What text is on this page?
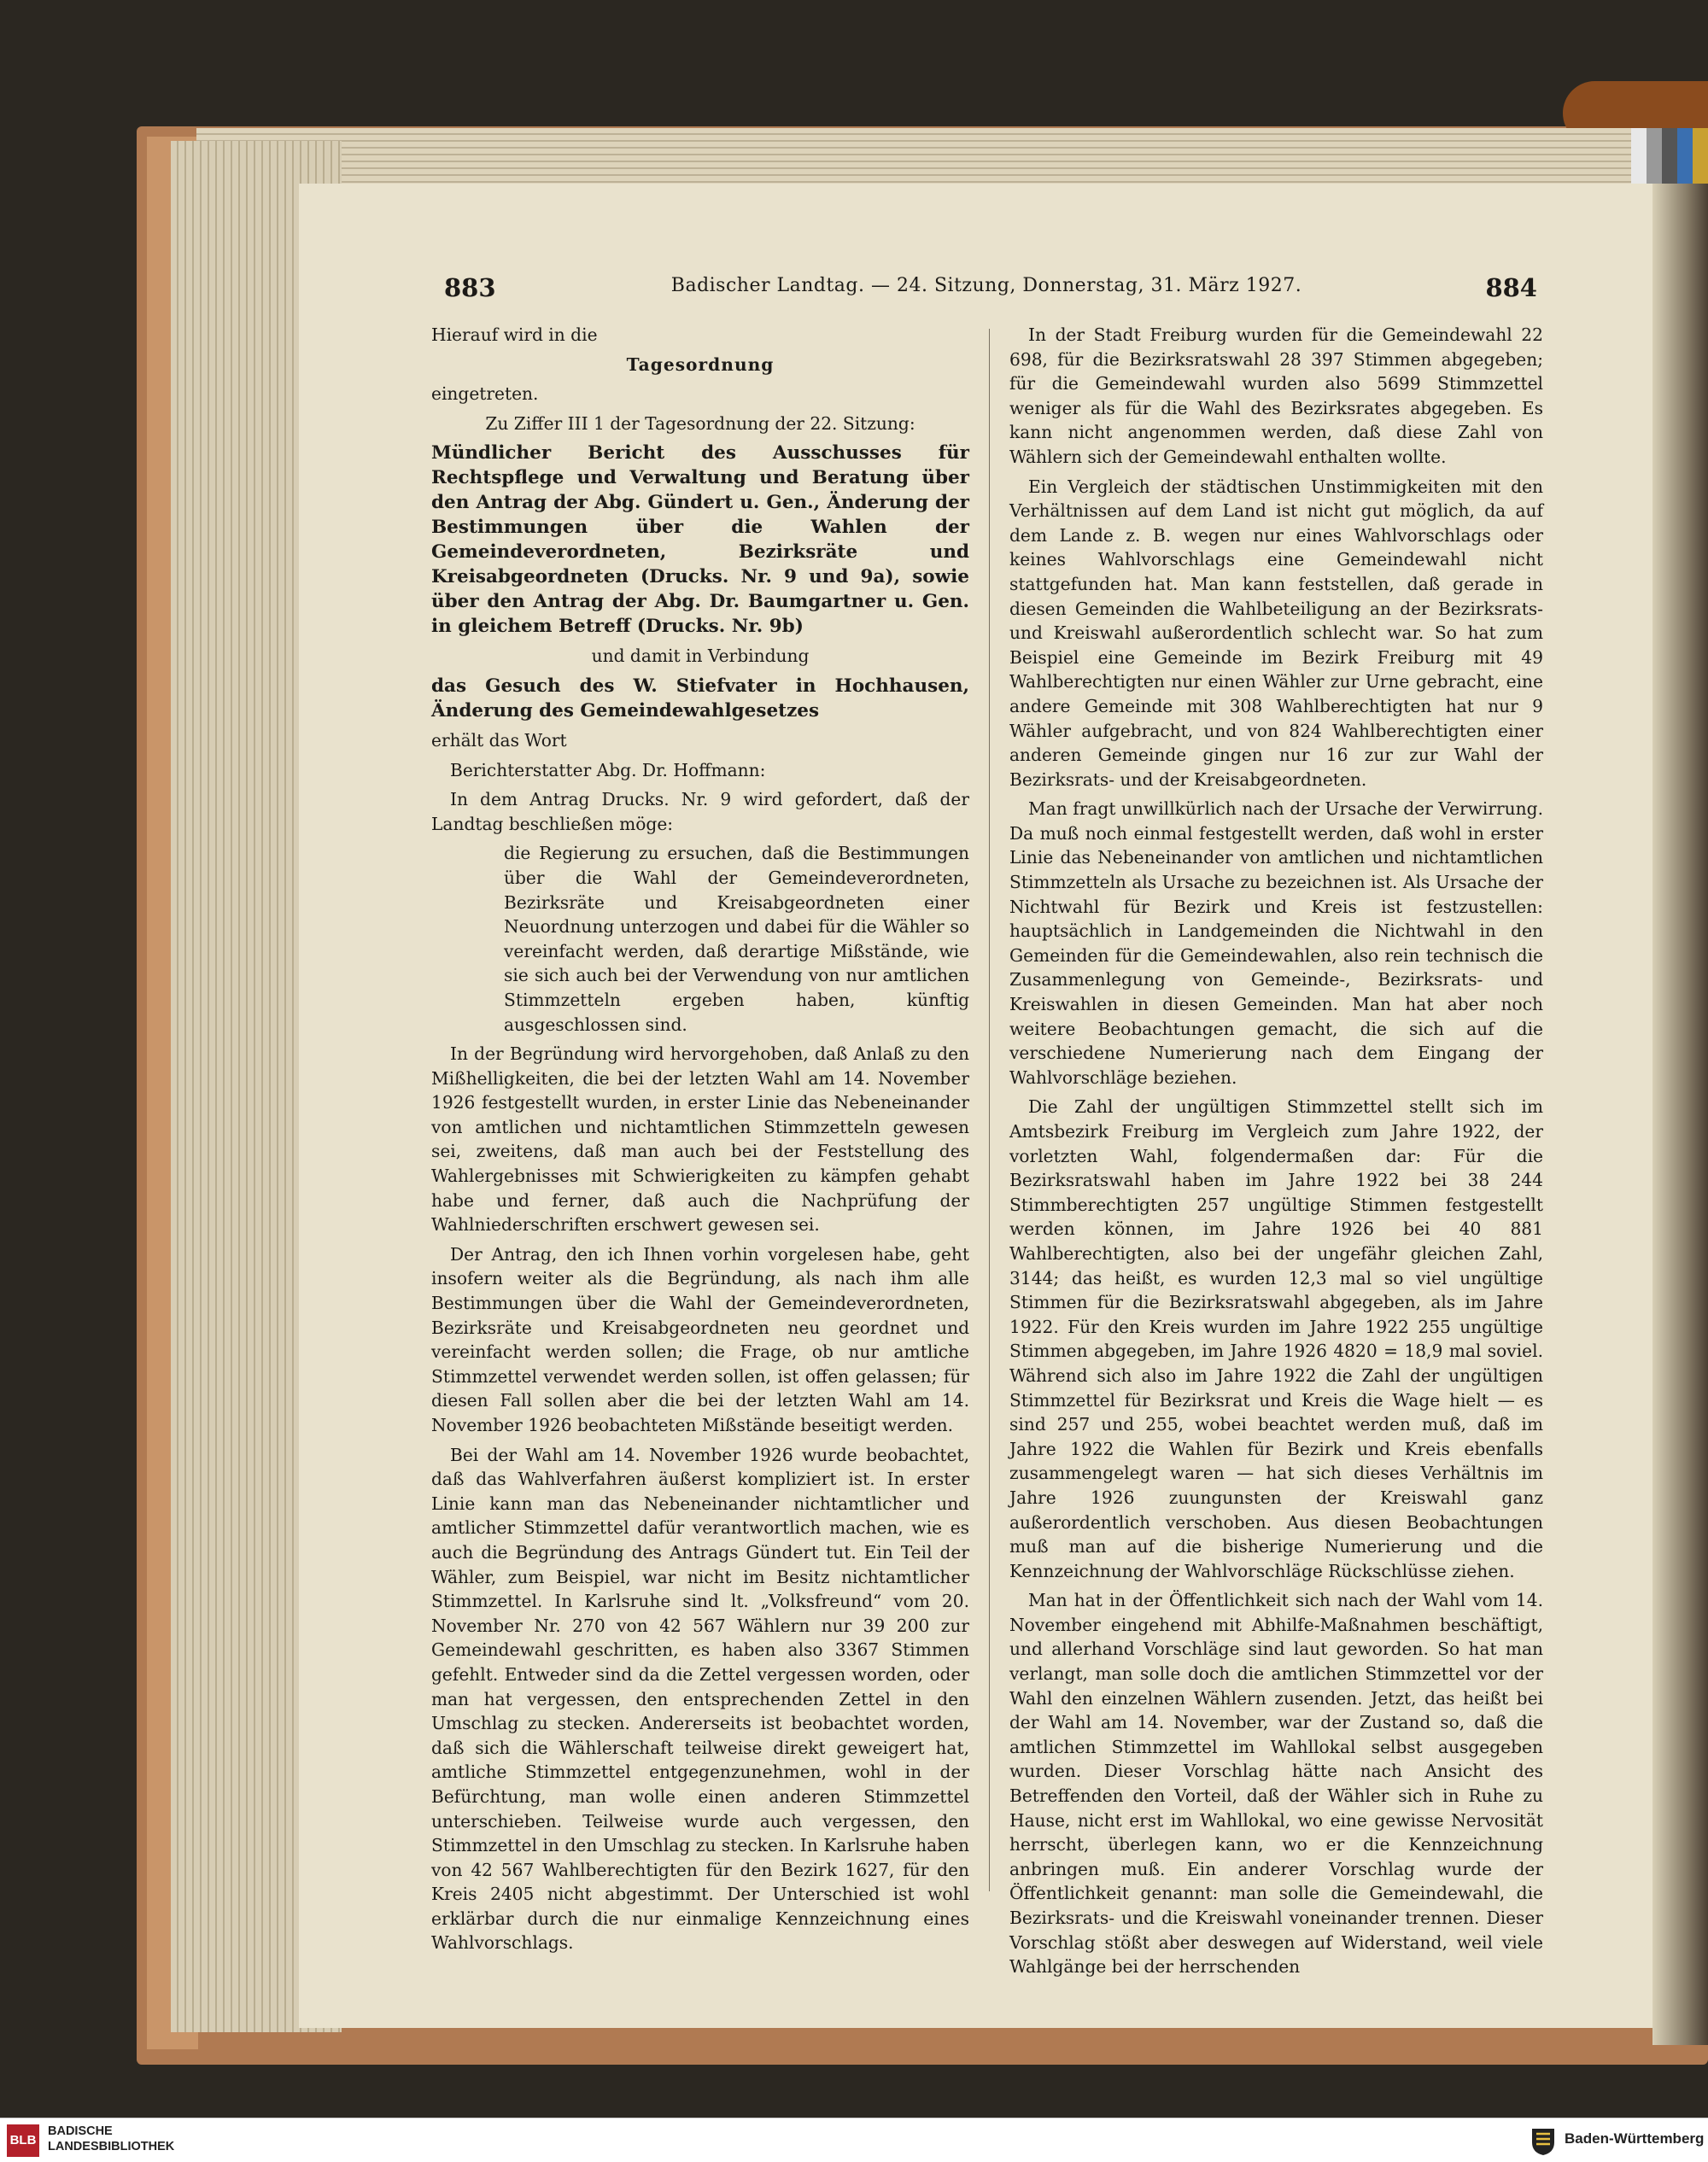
883	Badischer Landtag. — 24. Sitzung, Donnerstag, 31. März 1927.	884

Hierauf wird in die

Tagesordnung

eingetreten.

Zu Ziffer III 1 der Tagesordnung der 22. Sitzung:

Mündlicher Bericht des Ausschusses für Rechtspflege und Verwaltung und Beratung über den Antrag der Abg. Gündert u. Gen., Änderung der Bestimmungen über die Wahlen der Gemeindeverordneten, Bezirksräte und Kreisabgeordneten (Drucks. Nr. 9 und 9a), sowie über den Antrag der Abg. Dr. Baumgartner u. Gen. in gleichem Betreff (Drucks. Nr. 9b)

und damit in Verbindung

das Gesuch des W. Stiefvater in Hochhausen, Änderung des Gemeindewahlgesetzes

erhält das Wort

Berichterstatter Abg. Dr. Hoffmann:

In dem Antrag Drucks. Nr. 9 wird gefordert, daß der Landtag beschließen möge:

die Regierung zu ersuchen, daß die Bestimmungen über die Wahl der Gemeindeverordneten, Bezirksräte und Kreisabgeordneten einer Neuordnung unterzogen und dabei für die Wähler so vereinfacht werden, daß derartige Mißstände, wie sie sich auch bei der Verwendung von nur amtlichen Stimmzetteln ergeben haben, künftig ausgeschlossen sind.

In der Begründung wird hervorgehoben, daß Anlaß zu den Mißhelligkeiten, die bei der letzten Wahl am 14. November 1926 festgestellt wurden, in erster Linie das Nebeneinander von amtlichen und nichtamtlichen Stimmzetteln gewesen sei, zweitens, daß man auch bei der Feststellung des Wahlergebnisses mit Schwierigkeiten zu kämpfen gehabt habe und ferner, daß auch die Nachprüfung der Wahlniederschriften erschwert gewesen sei.

Der Antrag, den ich Ihnen vorhin vorgelesen habe, geht insofern weiter als die Begründung, als nach ihm alle Bestimmungen über die Wahl der Gemeindeverordneten, Bezirksräte und Kreisabgeordneten neu geordnet und vereinfacht werden sollen; die Frage, ob nur amtliche Stimmzettel verwendet werden sollen, ist offen gelassen; für diesen Fall sollen aber die bei der letzten Wahl am 14. November 1926 beobachteten Mißstände beseitigt werden.

Bei der Wahl am 14. November 1926 wurde beobachtet, daß das Wahlverfahren äußerst kompliziert ist. In erster Linie kann man das Nebeneinander nichtamtlicher und amtlicher Stimmzettel dafür verantwortlich machen, wie es auch die Begründung des Antrags Gündert tut. Ein Teil der Wähler, zum Beispiel, war nicht im Besitz nichtamtlicher Stimmzettel. In Karlsruhe sind lt. „Volksfreund“ vom 20. November Nr. 270 von 42 567 Wählern nur 39 200 zur Gemeindewahl geschritten, es haben also 3367 Stimmen gefehlt. Entweder sind da die Zettel vergessen worden, oder man hat vergessen, den entsprechenden Zettel in den Umschlag zu stecken. Andererseits ist beobachtet worden, daß sich die Wählerschaft teilweise direkt geweigert hat, amtliche Stimmzettel entgegenzunehmen, wohl in der Befürchtung, man wolle einen anderen Stimmzettel unterschieben. Teilweise wurde auch vergessen, den Stimmzettel in den Umschlag zu stecken. In Karlsruhe haben von 42 567 Wahlberechtigten für den Bezirk 1627, für den Kreis 2405 nicht abgestimmt. Der Unterschied ist wohl erklärbar durch die nur einmalige Kennzeichnung eines Wahlvorschlags.

In der Stadt Freiburg wurden für die Gemeindewahl 22 698, für die Bezirksratswahl 28 397 Stimmen abgegeben; für die Gemeindewahl wurden also 5699 Stimmzettel weniger als für die Wahl des Bezirksrates abgegeben. Es kann nicht angenommen werden, daß diese Zahl von Wählern sich der Gemeindewahl enthalten wollte.

Ein Vergleich der städtischen Unstimmigkeiten mit den Verhältnissen auf dem Land ist nicht gut möglich, da auf dem Lande z. B. wegen nur eines Wahlvorschlags oder keines Wahlvorschlags eine Gemeindewahl nicht stattgefunden hat. Man kann feststellen, daß gerade in diesen Gemeinden die Wahlbeteiligung an der Bezirksrats- und Kreiswahl außerordentlich schlecht war. So hat zum Beispiel eine Gemeinde im Bezirk Freiburg mit 49 Wahlberechtigten nur einen Wähler zur Urne gebracht, eine andere Gemeinde mit 308 Wahlberechtigten hat nur 9 Wähler aufgebracht, und von 824 Wahlberechtigten einer anderen Gemeinde gingen nur 16 zur zur Wahl der Bezirksrats- und der Kreisabgeordneten.

Man fragt unwillkürlich nach der Ursache der Verwirrung. Da muß noch einmal festgestellt werden, daß wohl in erster Linie das Nebeneinander von amtlichen und nichtamtlichen Stimmzetteln als Ursache zu bezeichnen ist. Als Ursache der Nichtwahl für Bezirk und Kreis ist festzustellen: hauptsächlich in Landgemeinden die Nichtwahl in den Gemeinden für die Gemeindewahlen, also rein technisch die Zusammenlegung von Gemeinde-, Bezirksrats- und Kreiswahlen in diesen Gemeinden. Man hat aber noch weitere Beobachtungen gemacht, die sich auf die verschiedene Numerierung nach dem Eingang der Wahlvorschläge beziehen.

Die Zahl der ungültigen Stimmzettel stellt sich im Amtsbezirk Freiburg im Vergleich zum Jahre 1922, der vorletzten Wahl, folgendermaßen dar: Für die Bezirksratswahl haben im Jahre 1922 bei 38 244 Stimmberechtigten 257 ungültige Stimmen festgestellt werden können, im Jahre 1926 bei 40 881 Wahlberechtigten, also bei der ungefähr gleichen Zahl, 3144; das heißt, es wurden 12,3 mal so viel ungültige Stimmen für die Bezirksratswahl abgegeben, als im Jahre 1922. Für den Kreis wurden im Jahre 1922 255 ungültige Stimmen abgegeben, im Jahre 1926 4820 = 18,9 mal soviel. Während sich also im Jahre 1922 die Zahl der ungültigen Stimmzettel für Bezirksrat und Kreis die Wage hielt — es sind 257 und 255, wobei beachtet werden muß, daß im Jahre 1922 die Wahlen für Bezirk und Kreis ebenfalls zusammengelegt waren — hat sich dieses Verhältnis im Jahre 1926 zuungunsten der Kreiswahl ganz außerordentlich verschoben. Aus diesen Beobachtungen muß man auf die bisherige Numerierung und die Kennzeichnung der Wahlvorschläge Rückschlüsse ziehen.

Man hat in der Öffentlichkeit sich nach der Wahl vom 14. November eingehend mit Abhilfe-Maßnahmen beschäftigt, und allerhand Vorschläge sind laut geworden. So hat man verlangt, man solle doch die amtlichen Stimmzettel vor der Wahl den einzelnen Wählern zusenden. Jetzt, das heißt bei der Wahl am 14. November, war der Zustand so, daß die amtlichen Stimmzettel im Wahllokal selbst ausgegeben wurden. Dieser Vorschlag hätte nach Ansicht des Betreffenden den Vorteil, daß der Wähler sich in Ruhe zu Hause, nicht erst im Wahllokal, wo eine gewisse Nervosität herrscht, überlegen kann, wo er die Kennzeichnung anbringen muß. Ein anderer Vorschlag wurde der Öffentlichkeit genannt: man solle die Gemeindewahl, die Bezirksrats- und die Kreiswahl voneinander trennen. Dieser Vorschlag stößt aber deswegen auf Widerstand, weil viele Wahlgänge bei der herrschenden

BLB
BADISCHE
LANDESBIBLIOTHEK	Baden-Württemberg
